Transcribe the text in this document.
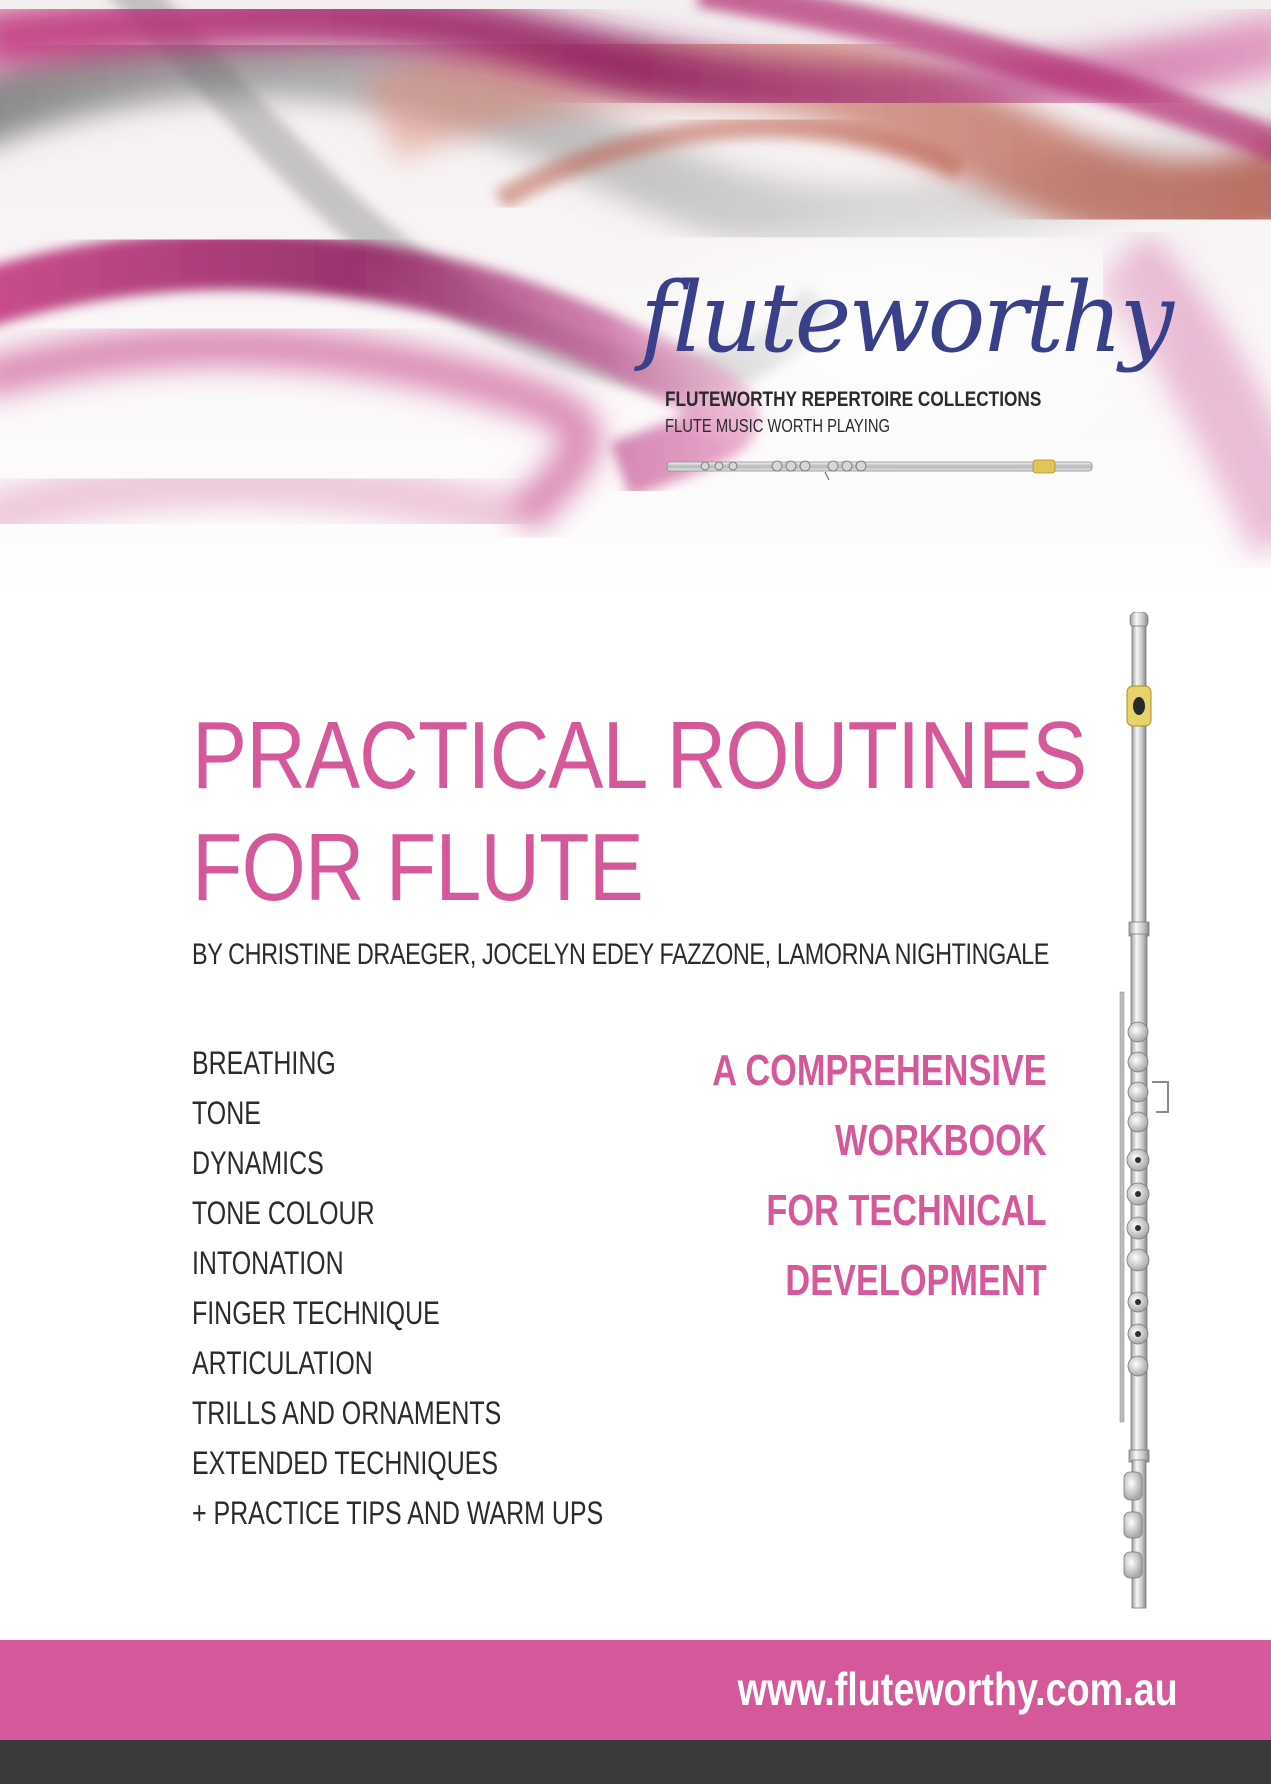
fluteworthy

FLUTEWORTHY REPERTOIRE COLLECTIONS
FLUTE MUSIC WORTH PLAYING
PRACTICAL ROUTINES
FOR FLUTE

BY CHRISTINE DRAEGER, JOCELYN EDEY FAZZONE, LAMORNA NIGHTINGALE

BREATHING
TONE
DYNAMICS
TONE COLOUR
INTONATION
FINGER TECHNIQUE
ARTICULATION
TRILLS AND ORNAMENTS
EXTENDED TECHNIQUES
+ PRACTICE TIPS AND WARM UPS
A COMPREHENSIVE
WORKBOOK
FOR TECHNICAL
DEVELOPMENT

www.fluteworthy.com.au
